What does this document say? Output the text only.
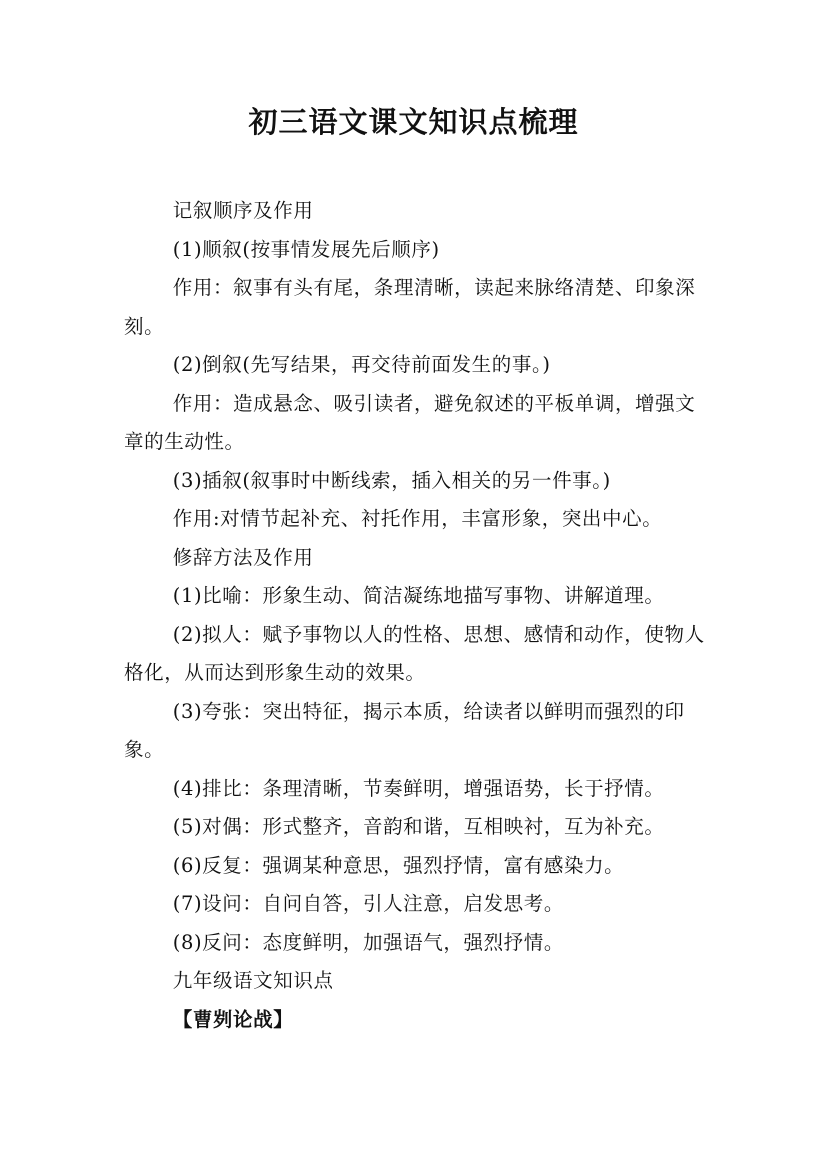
初三语文课文知识点梳理

记叙顺序及作用

(1)顺叙(按事情发展先后顺序)

作用：叙事有头有尾，条理清晰，读起来脉络清楚、印象深刻。

(2)倒叙(先写结果，再交待前面发生的事。)

作用：造成悬念、吸引读者，避免叙述的平板单调，增强文章的生动性。

(3)插叙(叙事时中断线索，插入相关的另一件事。)

作用:对情节起补充、衬托作用，丰富形象，突出中心。

修辞方法及作用

(1)比喻：形象生动、简洁凝练地描写事物、讲解道理。

(2)拟人：赋予事物以人的性格、思想、感情和动作，使物人格化，从而达到形象生动的效果。

(3)夸张：突出特征，揭示本质，给读者以鲜明而强烈的印象。

(4)排比：条理清晰，节奏鲜明，增强语势，长于抒情。

(5)对偶：形式整齐，音韵和谐，互相映衬，互为补充。

(6)反复：强调某种意思，强烈抒情，富有感染力。

(7)设问：自问自答，引人注意，启发思考。

(8)反问：态度鲜明，加强语气，强烈抒情。

九年级语文知识点

【曹刿论战】
